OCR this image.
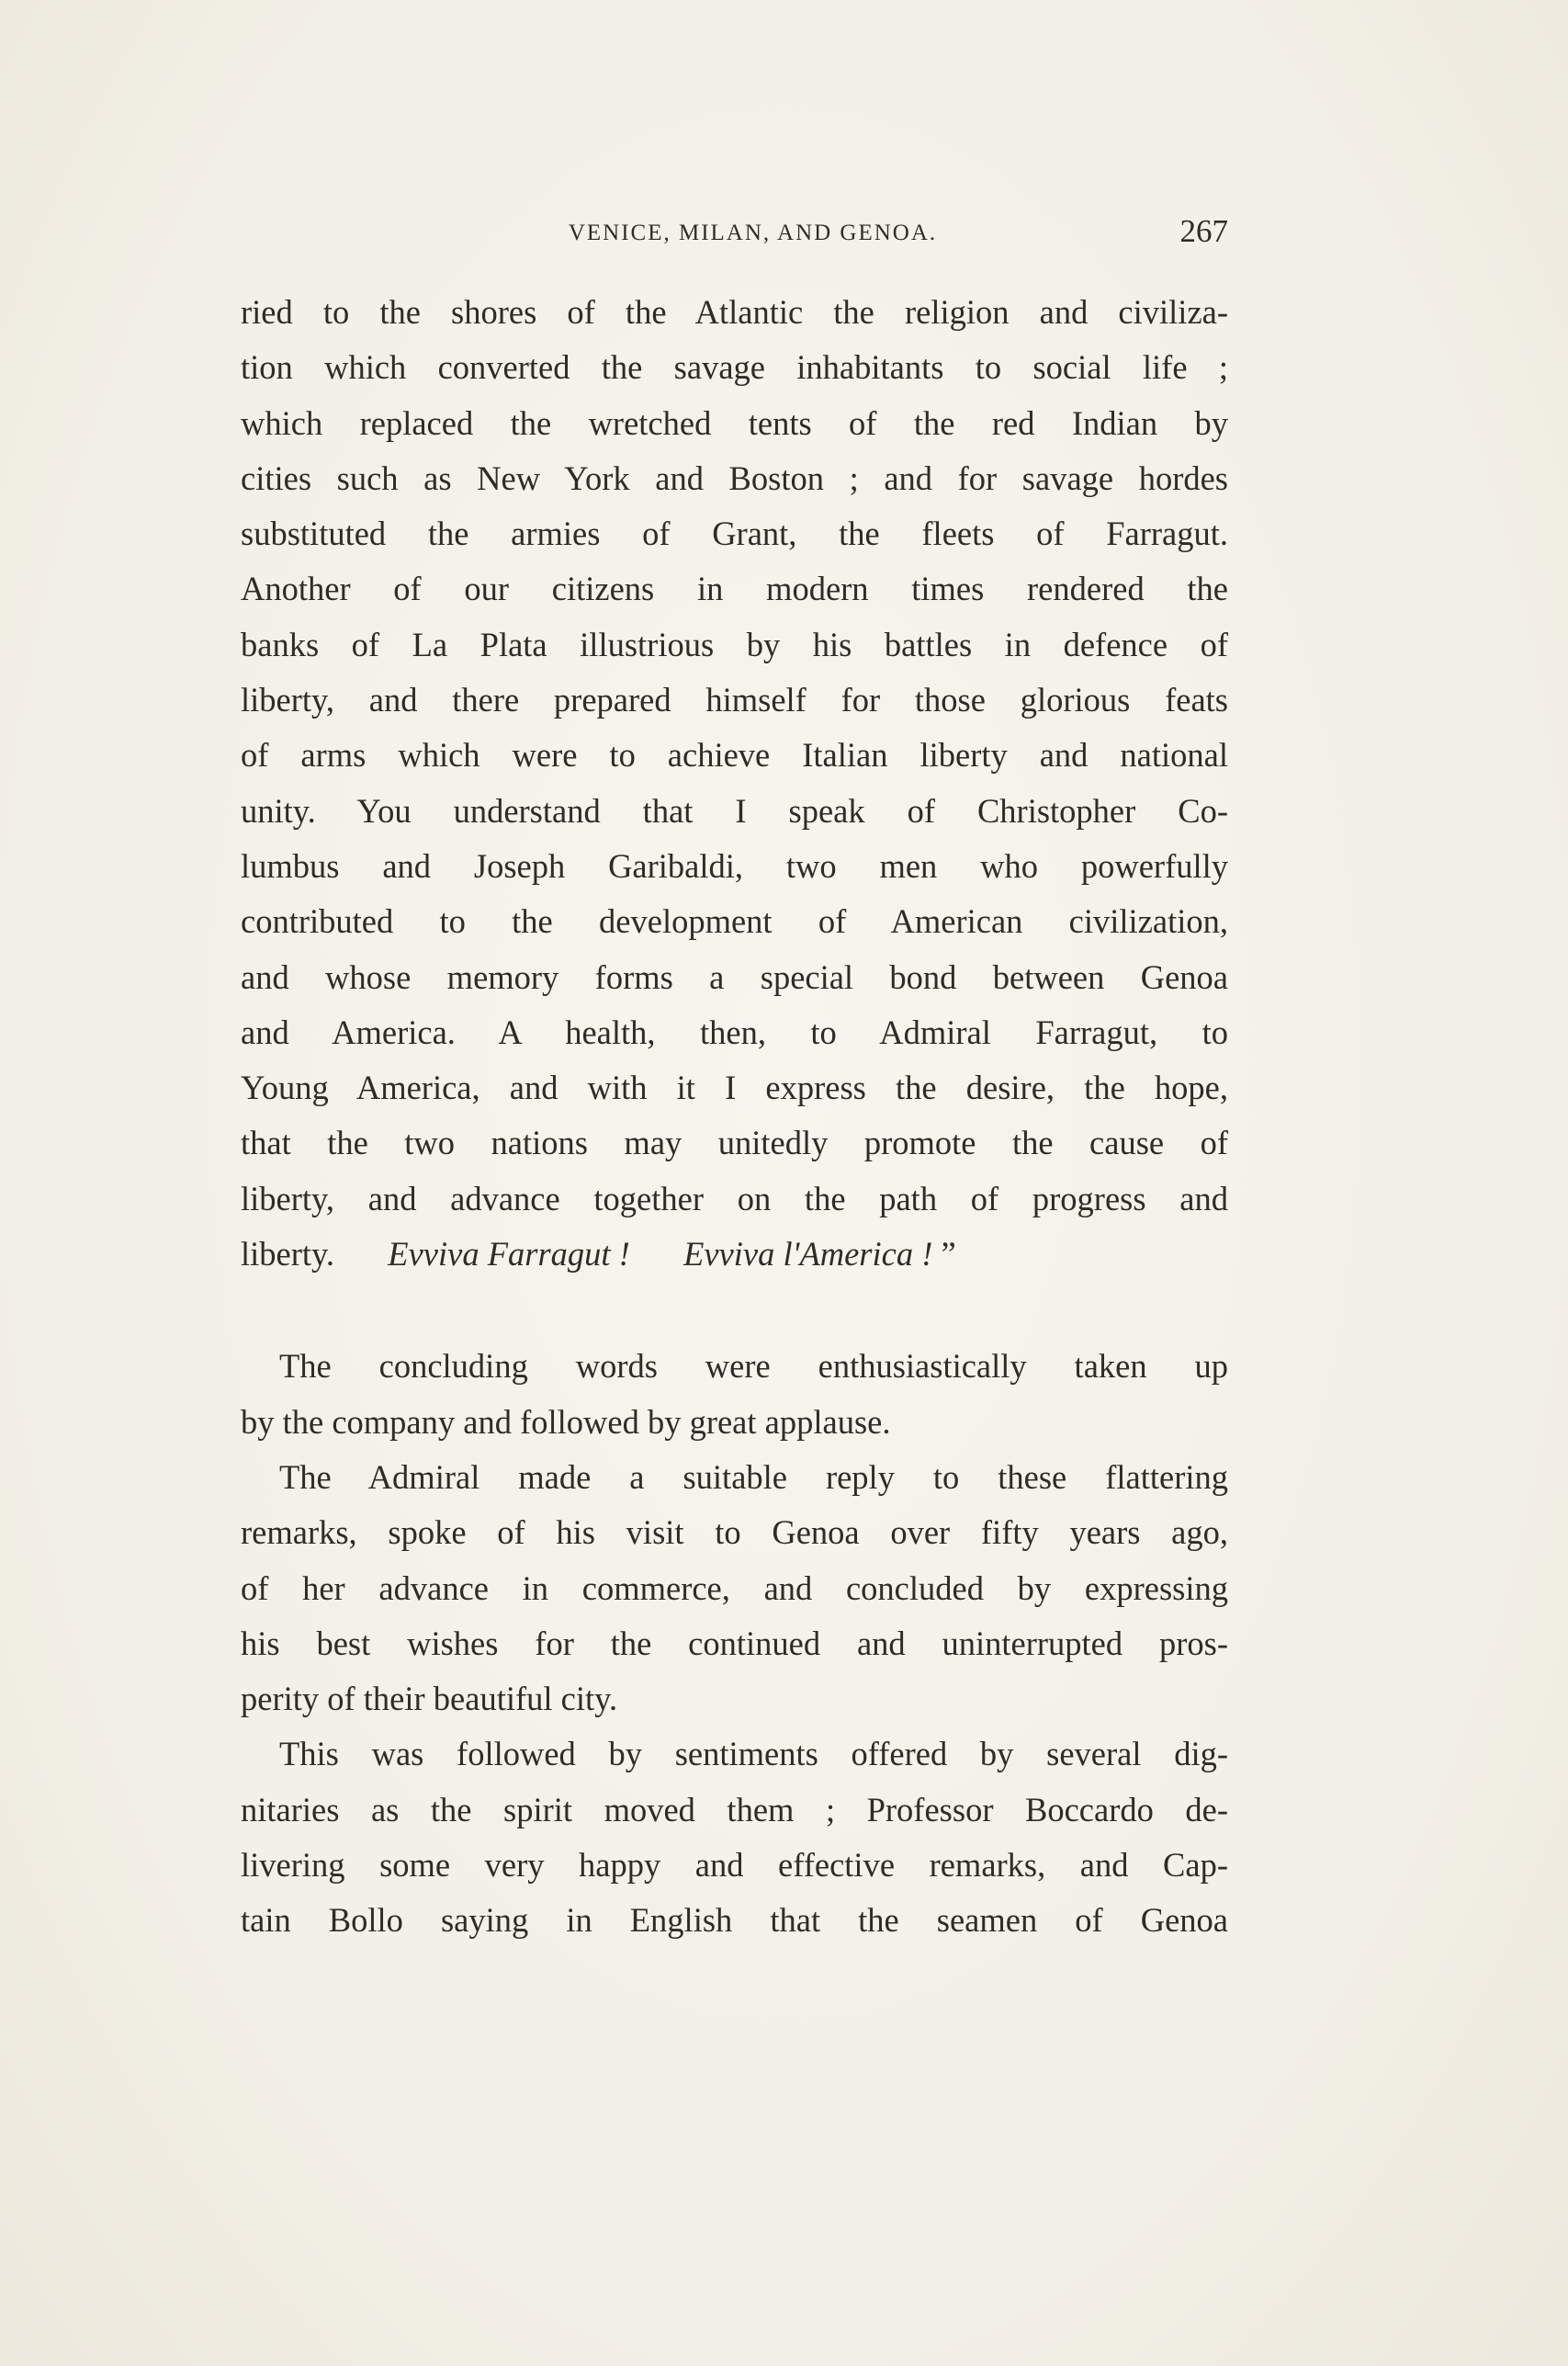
VENICE, MILAN, AND GENOA.	267
ried to the shores of the Atlantic the religion and civiliza-
tion which converted the savage inhabitants to social life ;
which replaced the wretched tents of the red Indian by
cities such as New York and Boston ; and for savage hordes
substituted the armies of Grant, the fleets of Farragut.
Another of our citizens in modern times rendered the
banks of La Plata illustrious by his battles in defence of
liberty, and there prepared himself for those glorious feats
of arms which were to achieve Italian liberty and national
unity. You understand that I speak of Christopher Co-
lumbus and Joseph Garibaldi, two men who powerfully
contributed to the development of American civilization,
and whose memory forms a special bond between Genoa
and America. A health, then, to Admiral Farragut, to
Young America, and with it I express the desire, the hope,
that the two nations may unitedly promote the cause of
liberty, and advance together on the path of progress and
liberty. Evviva Farragut ! Evviva l'America ! ”
The concluding words were enthusiastically taken up
by the company and followed by great applause.
The Admiral made a suitable reply to these flattering
remarks, spoke of his visit to Genoa over fifty years ago,
of her advance in commerce, and concluded by expressing
his best wishes for the continued and uninterrupted pros-
perity of their beautiful city.
This was followed by sentiments offered by several dig-
nitaries as the spirit moved them ; Professor Boccardo de-
livering some very happy and effective remarks, and Cap-
tain Bollo saying in English that the seamen of Genoa
